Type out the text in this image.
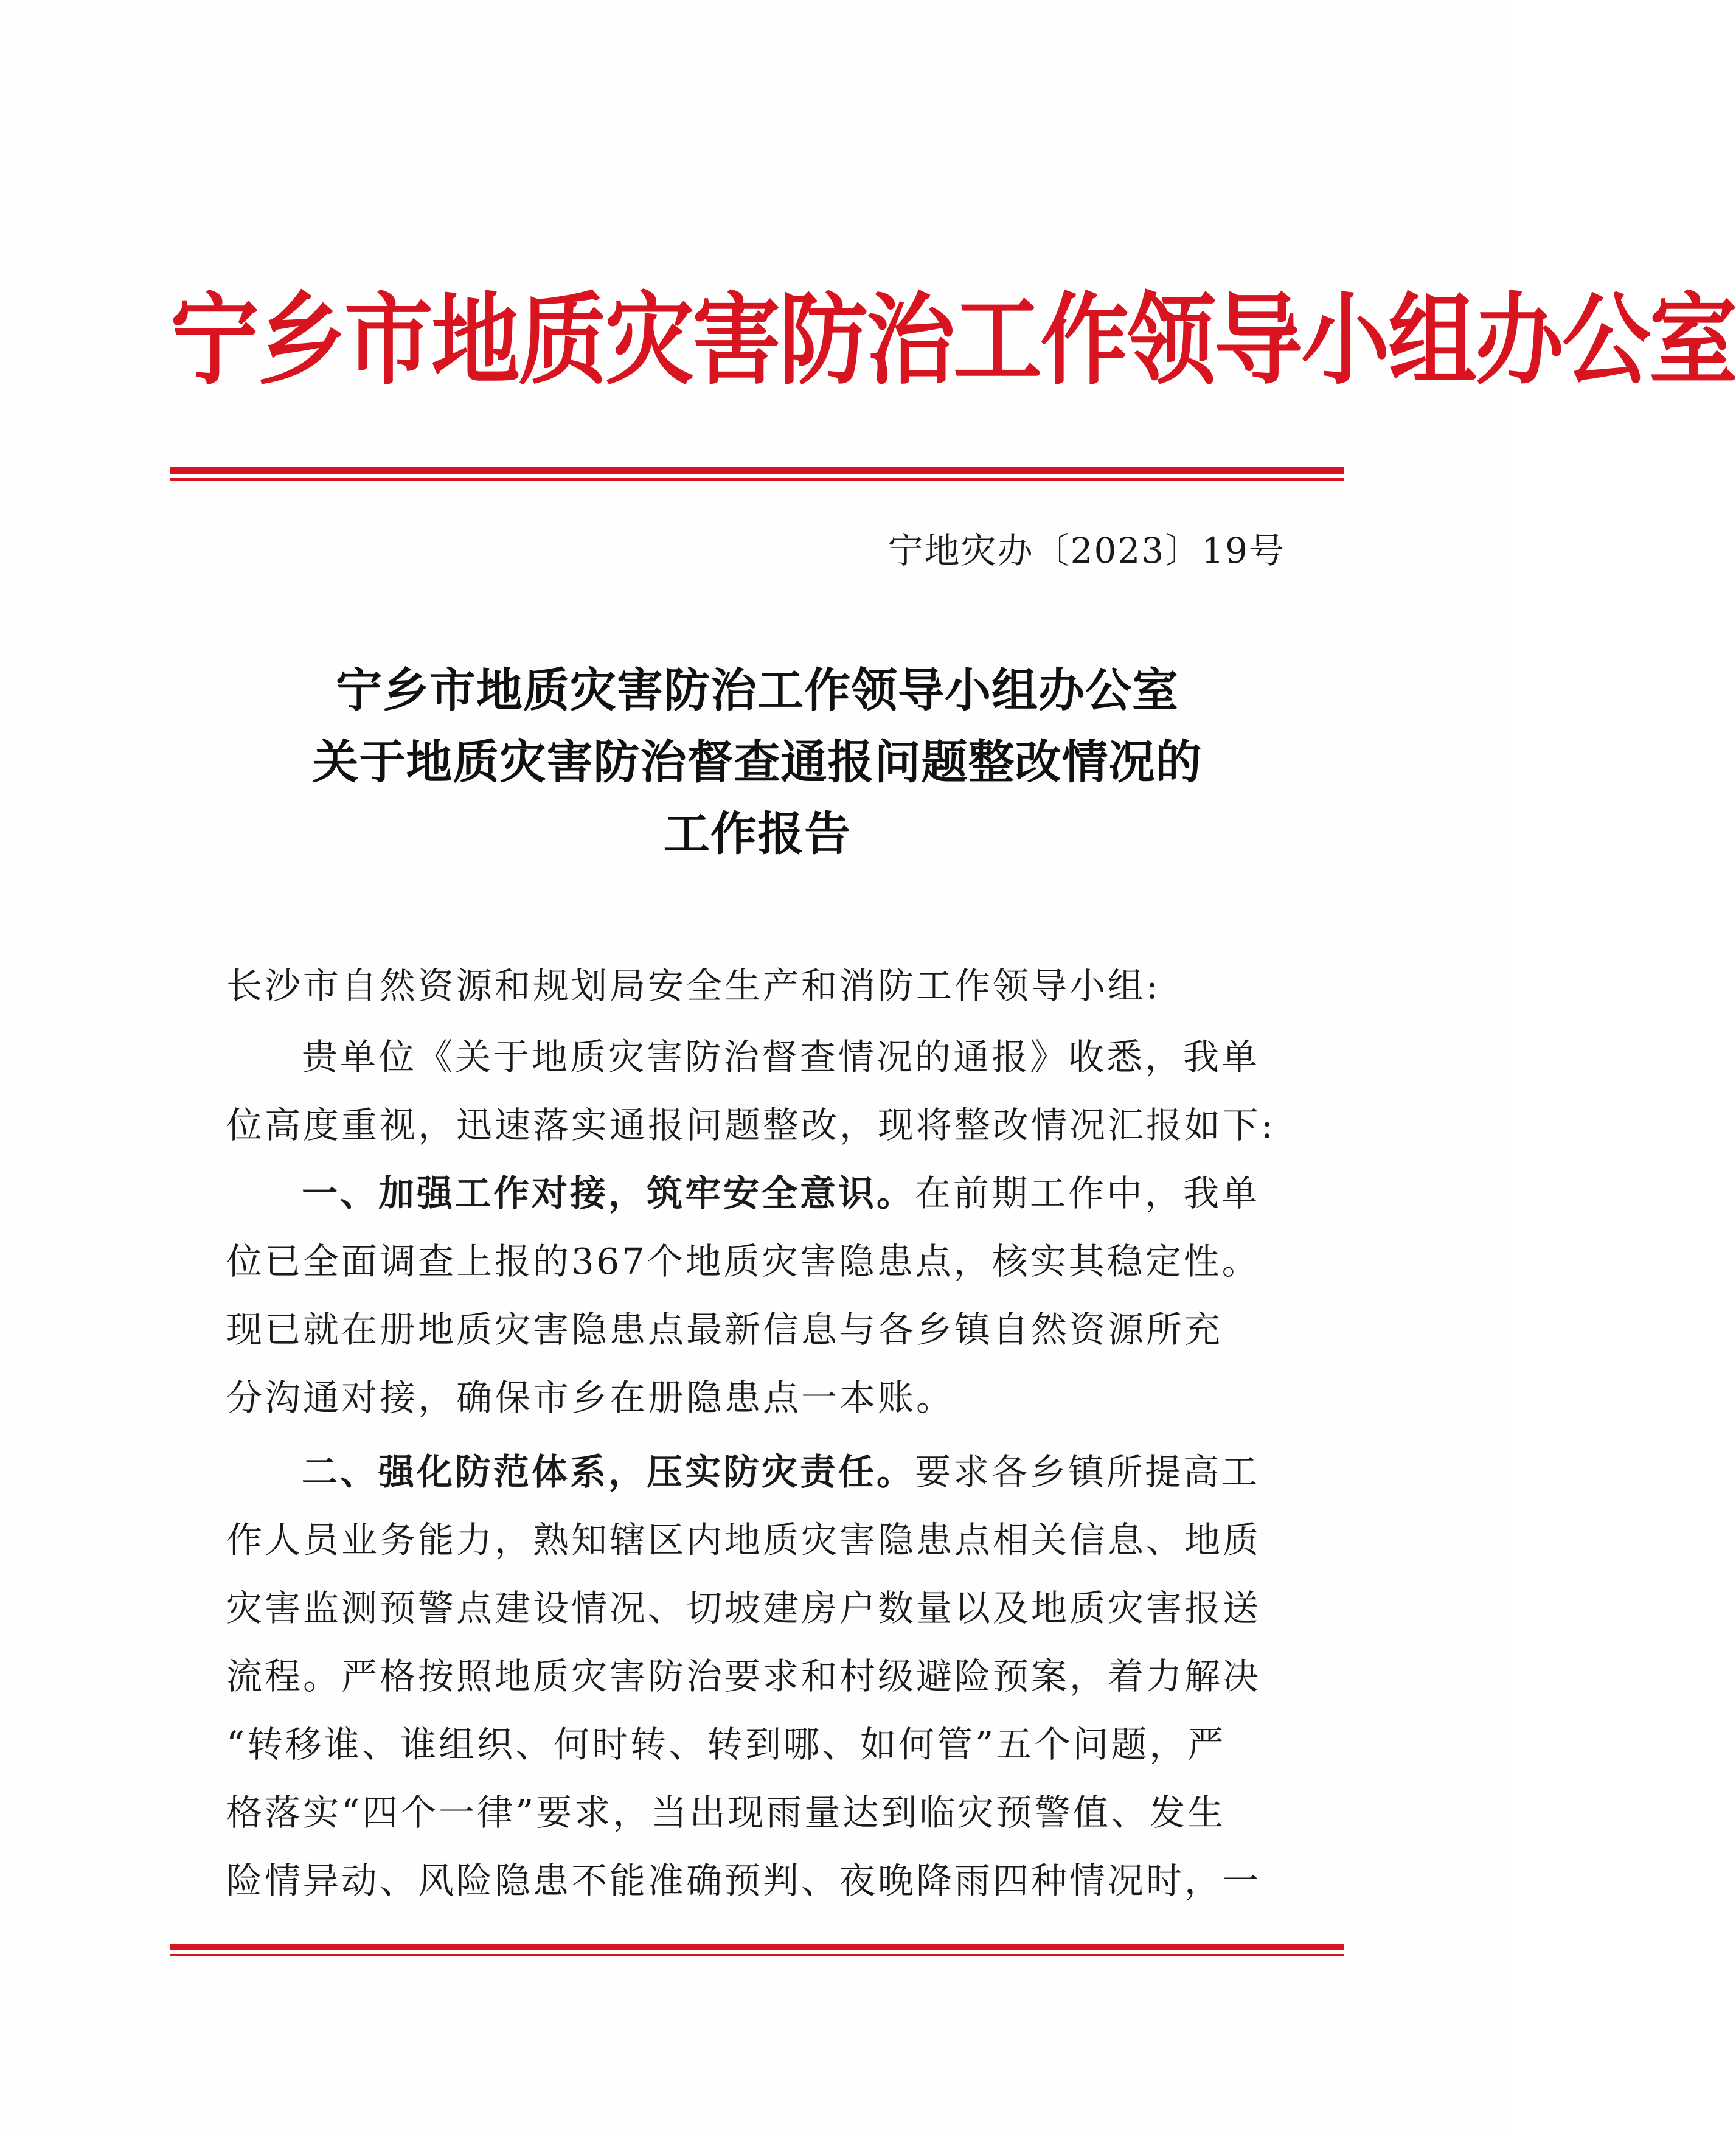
宁乡市地质灾害防治工作领导小组办公室
宁地灾办〔2023〕19号
宁乡市地质灾害防治工作领导小组办公室
关于地质灾害防治督查通报问题整改情况的
工作报告
长沙市自然资源和规划局安全生产和消防工作领导小组:
贵单位《关于地质灾害防治督查情况的通报》收悉，我单
位高度重视，迅速落实通报问题整改，现将整改情况汇报如下:
一、加强工作对接，筑牢安全意识。在前期工作中，我单
位已全面调查上报的367个地质灾害隐患点，核实其稳定性。
现已就在册地质灾害隐患点最新信息与各乡镇自然资源所充
分沟通对接，确保市乡在册隐患点一本账。
二、强化防范体系，压实防灾责任。要求各乡镇所提高工
作人员业务能力，熟知辖区内地质灾害隐患点相关信息、地质
灾害监测预警点建设情况、切坡建房户数量以及地质灾害报送
流程。严格按照地质灾害防治要求和村级避险预案，着力解决
“转移谁、谁组织、何时转、转到哪、如何管”五个问题，严
格落实“四个一律”要求，当出现雨量达到临灾预警值、发生
险情异动、风险隐患不能准确预判、夜晚降雨四种情况时，一
